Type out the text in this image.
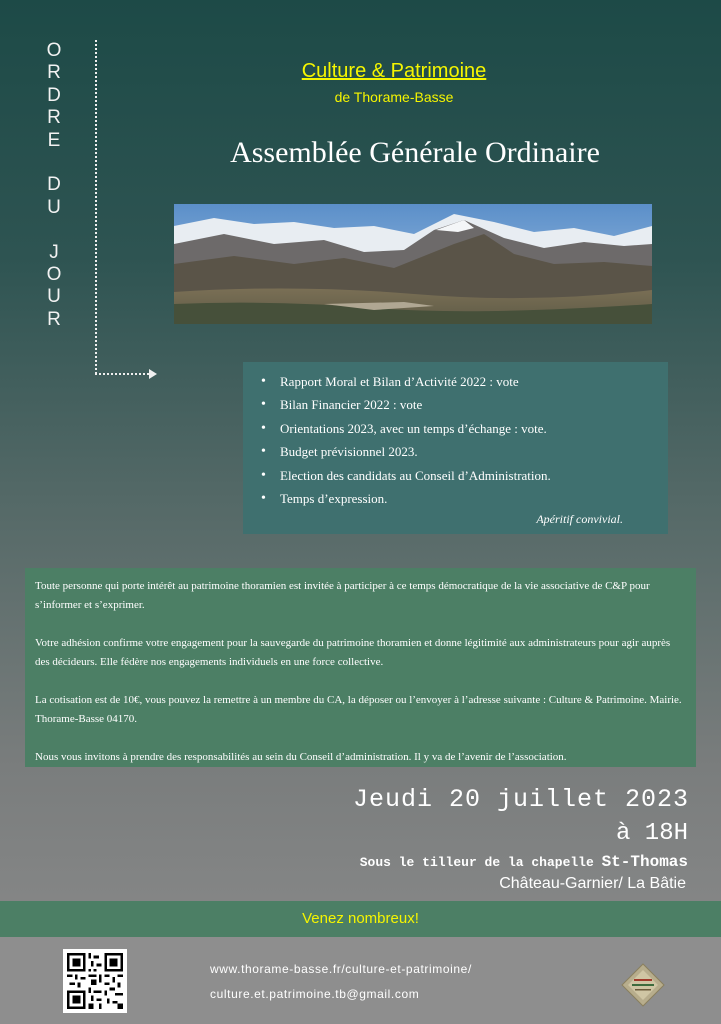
O
R
D
R
E
D
U
J
O
U
R
Culture & Patrimoine
de Thorame-Basse
Assemblée Générale Ordinaire
• Rapport Moral et Bilan d’Activité 2022 : vote
• Bilan Financier 2022 : vote
• Orientations 2023, avec un temps d’échange : vote.
• Budget prévisionnel 2023.
• Election des candidats au Conseil d’Administration.
• Temps d’expression.
Apéritif convivial.

Toute personne qui porte intérêt au patrimoine thoramien est invitée à participer à ce temps démocratique de la vie associative de C&P pour s’informer et s’exprimer.

Votre adhésion confirme votre engagement pour la sauvegarde du patrimoine thoramien et donne légitimité aux administrateurs pour agir auprès des décideurs. Elle fédère nos engagements individuels en une force collective.

La cotisation est de 10€, vous pouvez la remettre à un membre du CA, la déposer ou l’envoyer à l’adresse suivante : Culture & Patrimoine. Mairie. Thorame-Basse 04170.

Nous vous invitons à prendre des responsabilités au sein du Conseil d’administration. Il y va de l’avenir de l’association.

Jeudi 20 juillet 2023
à 18H
Sous le tilleur de la chapelle St-Thomas
Château-Garnier/ La Bâtie
Venez nombreux!
www.thorame-basse.fr/culture-et-patrimoine/
culture.et.patrimoine.tb@gmail.com
